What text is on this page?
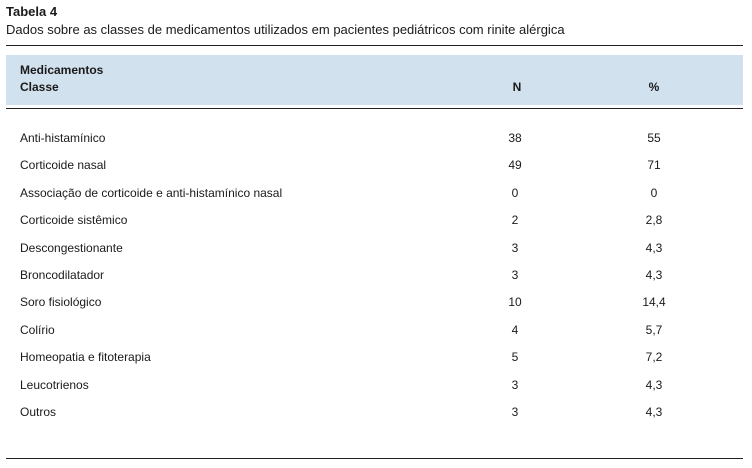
Tabela 4
Dados sobre as classes de medicamentos utilizados em pacientes pediátricos com rinite alérgica
Medicamentos
Classe	N	%
Anti-histamínico	38	55
Corticoide nasal	49	71
Associação de corticoide e anti-histamínico nasal	0	0
Corticoide sistêmico	2	2,8
Descongestionante	3	4,3
Broncodilatador	3	4,3
Soro fisiológico	10	14,4
Colírio	4	5,7
Homeopatia e fitoterapia	5	7,2
Leucotrienos	3	4,3
Outros	3	4,3
